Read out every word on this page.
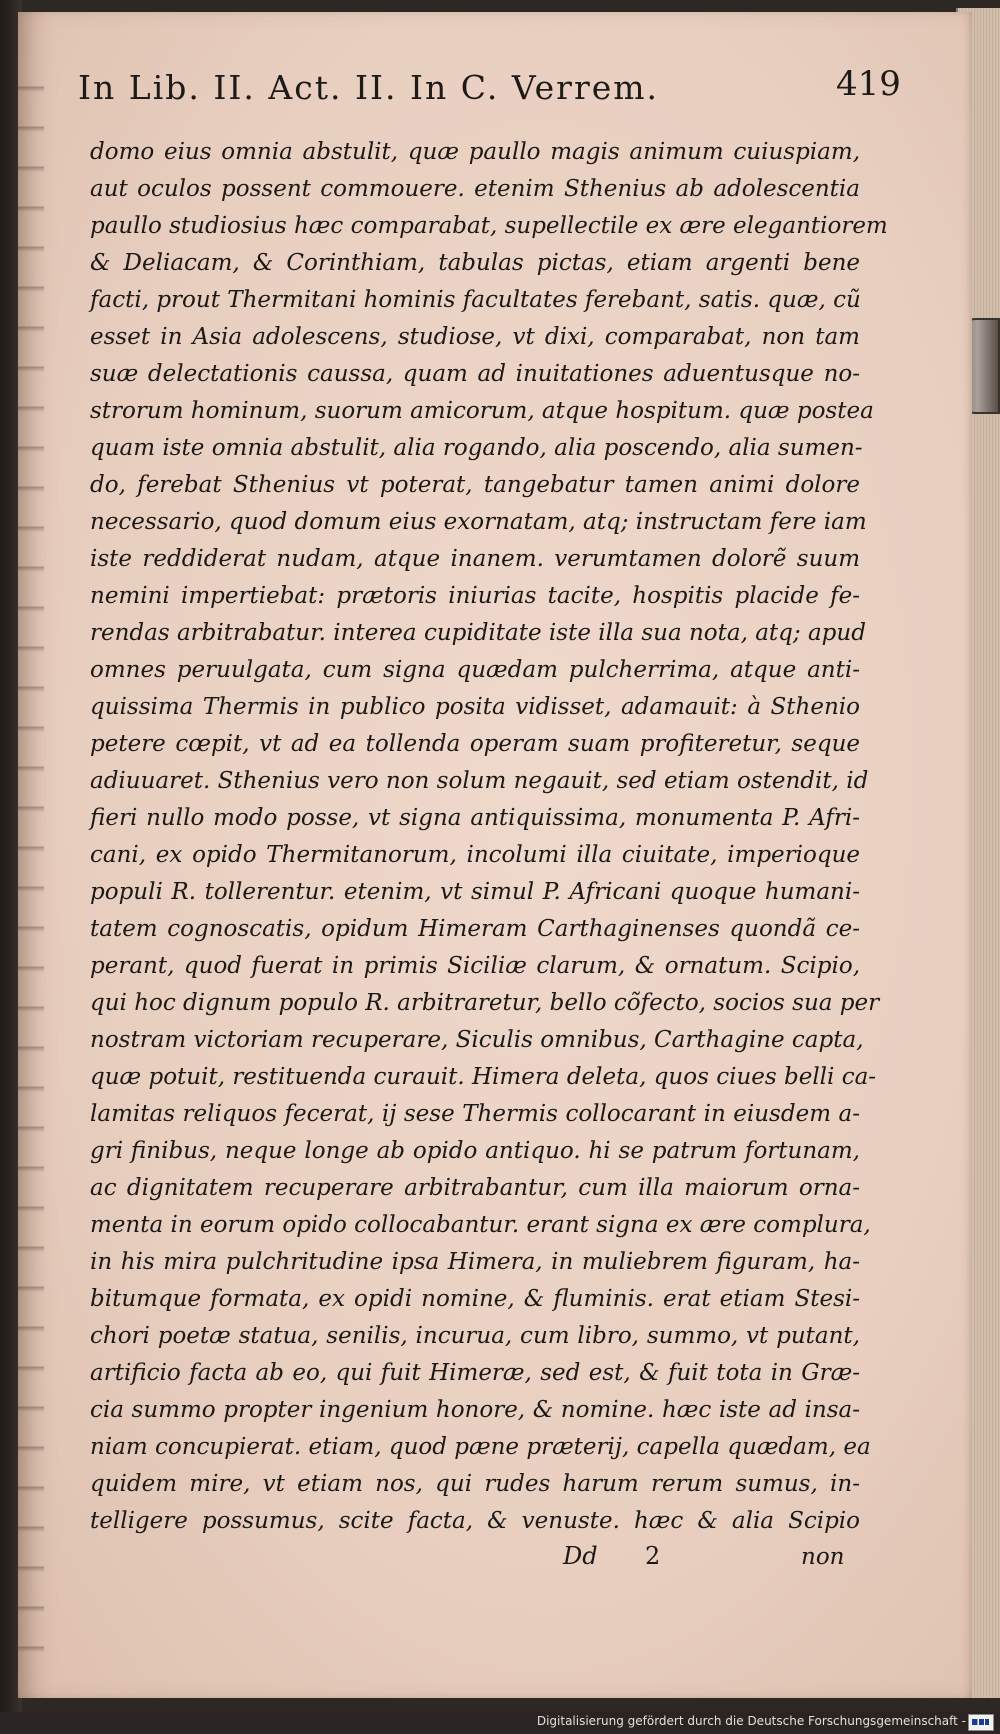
In Lib. II. Act. II. In C. Verrem.	419
domo eius omnia abstulit, quæ paullo magis animum cuiuspiam,
aut oculos possent commouere. etenim Sthenius ab adolescentia
paullo studiosius hæc comparabat, supellectile ex ære elegantiorem
& Deliacam, & Corinthiam, tabulas pictas, etiam argenti bene
facti, prout Thermitani hominis facultates ferebant, satis. quæ, cũ
esset in Asia adolescens, studiose, vt dixi, comparabat, non tam
suæ delectationis caussa, quam ad inuitationes aduentusque no-
strorum hominum, suorum amicorum, atque hospitum. quæ postea
quam iste omnia abstulit, alia rogando, alia poscendo, alia sumen-
do, ferebat Sthenius vt poterat, tangebatur tamen animi dolore
necessario, quod domum eius exornatam, atq; instructam fere iam
iste reddiderat nudam, atque inanem. verumtamen dolorẽ suum
nemini impertiebat: prætoris iniurias tacite, hospitis placide fe-
rendas arbitrabatur. interea cupiditate iste illa sua nota, atq; apud
omnes peruulgata, cum signa quædam pulcherrima, atque anti-
quissima Thermis in publico posita vidisset, adamauit: à Sthenio
petere cœpit, vt ad ea tollenda operam suam profiteretur, seque
adiuuaret. Sthenius vero non solum negauit, sed etiam ostendit, id
fieri nullo modo posse, vt signa antiquissima, monumenta P. Afri-
cani, ex opido Thermitanorum, incolumi illa ciuitate, imperioque
populi R. tollerentur. etenim, vt simul P. Africani quoque humani-
tatem cognoscatis, opidum Himeram Carthaginenses quondã ce-
perant, quod fuerat in primis Siciliæ clarum, & ornatum. Scipio,
qui hoc dignum populo R. arbitraretur, bello cõfecto, socios sua per
nostram victoriam recuperare, Siculis omnibus, Carthagine capta,
quæ potuit, restituenda curauit. Himera deleta, quos ciues belli ca-
lamitas reliquos fecerat, ij sese Thermis collocarant in eiusdem a-
gri finibus, neque longe ab opido antiquo. hi se patrum fortunam,
ac dignitatem recuperare arbitrabantur, cum illa maiorum orna-
menta in eorum opido collocabantur. erant signa ex ære complura,
in his mira pulchritudine ipsa Himera, in muliebrem figuram, ha-
bitumque formata, ex opidi nomine, & fluminis. erat etiam Stesi-
chori poetæ statua, senilis, incurua, cum libro, summo, vt putant,
artificio facta ab eo, qui fuit Himeræ, sed est, & fuit tota in Græ-
cia summo propter ingenium honore, & nomine. hæc iste ad insa-
niam concupierat. etiam, quod pæne præterij, capella quædam, ea
quidem mire, vt etiam nos, qui rudes harum rerum sumus, in-
telligere possumus, scite facta, & venuste. hæc & alia Scipio
Dd 2	non
Digitalisierung gefördert durch die Deutsche Forschungsgemeinschaft -
